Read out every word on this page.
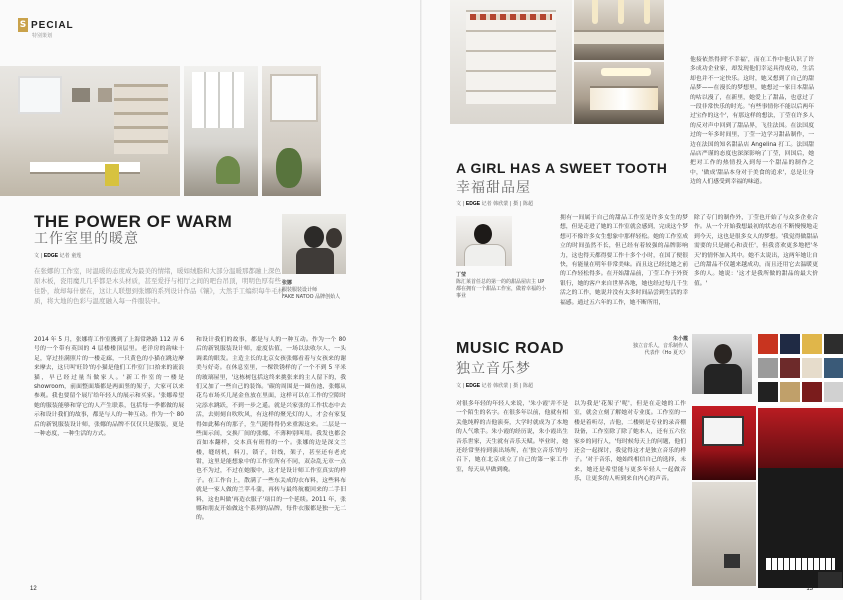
S PECIAL
特别策划
THE POWER OF WARM
工作室里的暖意
文 | EDGE 记者 童莲
在张娜的工作室，时温暖的态度成为最美的情绪，暖如绒脂和大部分温暖那都融上深色原木板，瓷用魔几几乎都是木头材质，甚至爱抒与相厅之间的吧台吊顶，明明色厚有些住卧，故却每什麽在，这让人联想到张娜的系列设计作品《镶》，大然手工编织每牛毛材质，将大地的色彩与温度融入每一件服装中。
张娜
服装服装设计师
FAKE NATOO 品牌创始人
2014 年 5 月，张娜将工作室搬到了上海常熟路 112 弄 6 号的一个带有英国的 4 层楼楼顶层里。老洋房的韵味十足，穿过挂满照片的一楼走廊，一只黄色的小猫在跳边摩来摩去，这只叫'旺铃'的小猫是他们工作室门口拾来的流浪猫，早已经过量当做家人。'新工作室的一楼是 showroom，前面整面墙都是两面竖的架子，大家可以来参观。我也要留个展厅给年轻人的展示和买家。'张娜希望她的服装能够和穿它的人产生联系，包括每一季都做的展示和设计我们的故事，都是与人的一种互动。作为一个 80 后的新锐服装设计师，张娜的品牌不仅仅只是服装，更是一种态度，一种生活的方式。
和设计我们的故事，都是与人的一种互动。作为一个 80 后的新锐服装设计师，虚度估值，一场以法收尔人，一头调柔的眼发。主造主长的北京女孩张娜看着与女孩来的谢美与好奇。在休息室里，一棵铁锈样的了一个不到 5 平米的玻璃屋里，'这栋树包括这终来挑张来的主人留下的，我们又加了一些自己的装饰。'碳的周围是一圈鱼池、张娜从花鸟市场买几尾金鱼放在里面，这样可以在工作的空隙时完添水跳跃，不到一步之遥。就是兴家张的工作状态中去活，去则刻自吹吹风，有这样的聚光灯的人，才会有家复得如此稀有的那子，生气随得得仍来重源这来。二层是一些面示间，交换厂间的张娜，不薄种别叫用。我发也都会首如本翻样，交本真有班得的一个。张娜的边是深文兰楼，缝纫机，料刀，锁子，针线，架子，甚至还有老虎钳，这里是能想象中的工作室所有不同，双杂乱无章一点也不为过，不过在她服中，这才是设计师工作室真实的样子。在工作台上，散满了一些东关成的衣布料，这些料布就是一家人做的兰苹斗蒲，再转与最终航覆回来的二手旧料，这也叫做'再造衣服子'项目的一个延续。2011 年，张娜和朋友开始做这个系列的品牌，每件衣服都是独一无二的。
12
他接依然得到'不幸福'，而在工作中他认识了许多成功企业家，却发现他们幸运具得成功，生活却也并不一定快乐。这时，她又想到了自己的甜品梦——在漫长的梦想里，她想过一家日本甜品的咕以漫了，在新里，她爱上了甜品，也意过了一段非常快乐的时光。'有些事情你不能以后两年过宝作的这个'，有那这样的想法，丁莹在许多人的反对声中回到了甜品界，飞往法国。在法国度过的一年多时间里，丁莹一边学习甜品制作，一边在法国的知名甜品店 Angelina 打工。法国甜品店严谨的态度也深深影响了丁莹，回国后，她把对工作的热情投入到每一个甜品的制作之中，'做成'甜品本身对于美食的追求'，总是让身边的人们感受到幸福的味道。
A GIRL HAS A SWEET TOOTH
幸福甜品屋
文 | EDGE 记者 韩欣蒙 | 摄 | 陈超
丁莹
陈汇莱首任总的第一的的甜品屋店主 UP
都在拥有一个甜品工作室，做着幸福的小事业
拥有一间属于自己的甜品工作室是许多女生的梦想，但是走进了她的工作室就会感到，完成这个梦想可不像许多女生想象中那样轻松。她的工作室成立的时间虽然不长，但已经有着较强的品牌影响力，这也得天都得要工作十多个小时，在国了便很快，有能量在明年非常美味。而且这已经比她之前的工作轻松得多。在开始甜品前，丁莹工作于外资银行，她的客户来自世界各地，她也经过每几千生活之的工作，她说并没有太多时间品尝到生活的幸福感。通过五六年的工作，她不断所用，
除了专门的制作外，丁莹也开始了与众多企业合作。从一个开始我想最初的状态在不断慢慢地走到今天，这也是很多女人的梦想。'我觉得做甜品需要的只是耐心和责任'，但我喜欢更多地把'冬天'的情怀加入其中。她不太说出，这两年她让自己的甜品不仅越来越成功，而且还用它去温暖更多的人。她说：'这才是我所做的甜品的最大价值。'
MUSIC ROAD
独立音乐梦
文 | EDGE 记者 韩欣蒙 | 摄 | 陈超
朱小霞
独立音乐人，音乐制作人
代表作《Ho 夏天》
对很多年轻的年轻人来说，'朱小霞'并不是一个陌生的名字。在很多年以前，他就有相关他纯粹的吉他演奏，大学时就成为了本地的人气歌手。朱小霞的经历说，朱小霞出生音乐世家，天生就有音乐天赋。毕业时，她还经常坚持到演出场所，在'独立音乐'的号召下，她在北京成立了自己的第一家工作室，每天从早做到晚。
以为我是'花架子'呢'，但是在走她的工作室，就会立刻了解她对专业度。工作室的一楼是着听尽，吉他，二楼则是专业的录音棚设备，工作室除了除了她本人，还有五六位家乡的同行人，'每时候每天上的问题，他们还会一起探讨，我觉得这才是独立音乐的样子。'对于音乐，她始终相信自己的选择，未来，她还是希望能与更多年轻人一起做音乐，让更多的人听到来自内心的声音。
13
